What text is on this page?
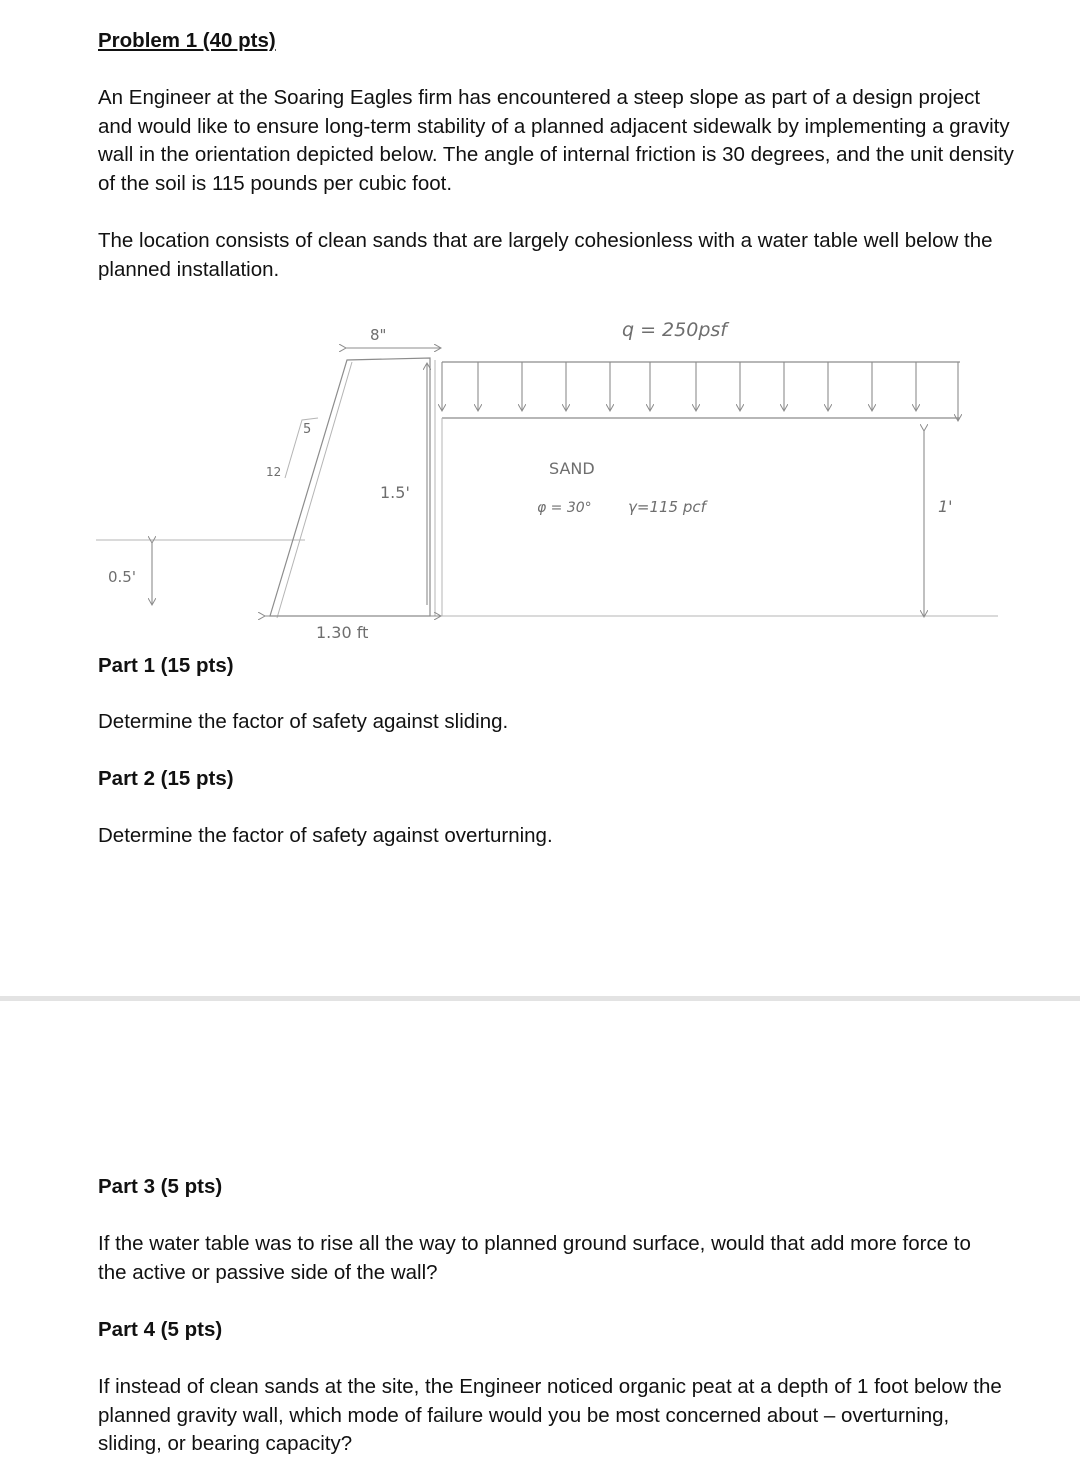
Problem 1 (40 pts)

An Engineer at the Soaring Eagles firm has encountered a steep slope as part of a design project and would like to ensure long-term stability of a planned adjacent sidewalk by implementing a gravity wall in the orientation depicted below. The angle of internal friction is 30 degrees, and the unit density of the soil is 115 pounds per cubic foot.

The location consists of clean sands that are largely cohesionless with a water table well below the planned installation.

8"	q = 250psf
5
12
1.5'
SAND
φ = 30° γ=115 pcf	1'
0.5'
1.30 ft

Part 1 (15 pts)

Determine the factor of safety against sliding.

Part 2 (15 pts)

Determine the factor of safety against overturning.

Part 3 (5 pts)

If the water table was to rise all the way to planned ground surface, would that add more force to the active or passive side of the wall?

Part 4 (5 pts)

If instead of clean sands at the site, the Engineer noticed organic peat at a depth of 1 foot below the planned gravity wall, which mode of failure would you be most concerned about – overturning, sliding, or bearing capacity?
